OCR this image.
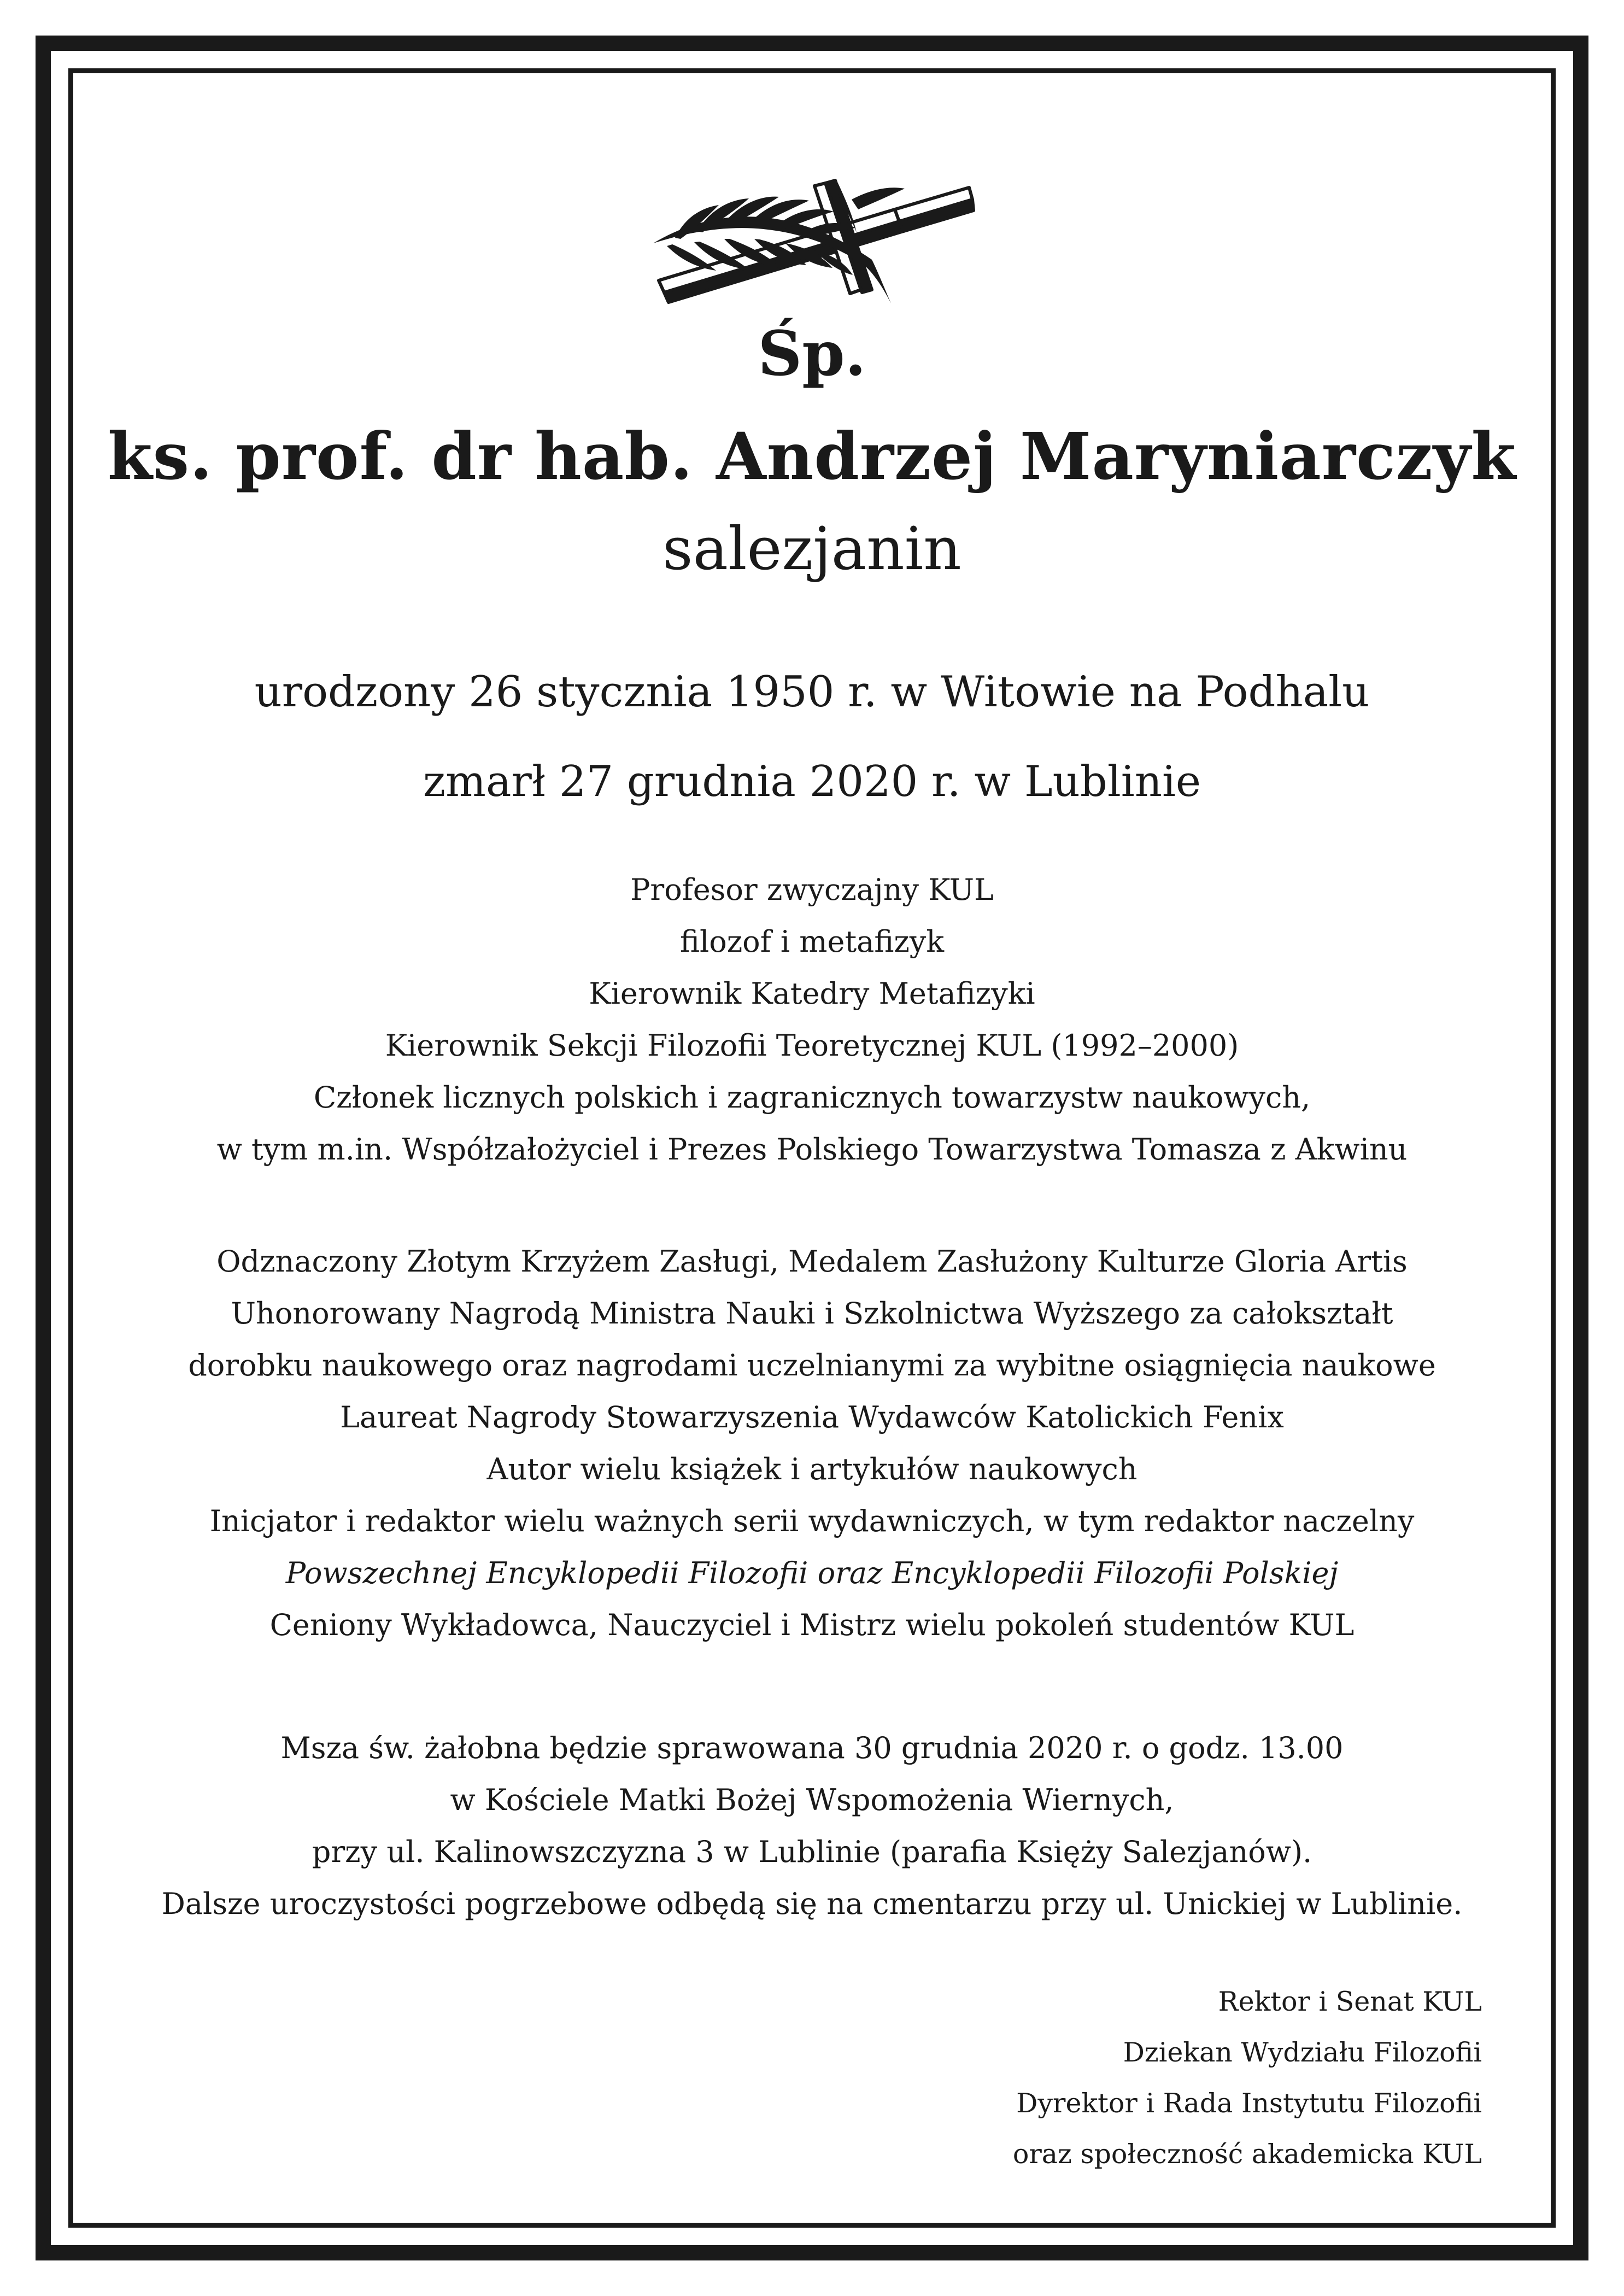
Śp.
ks. prof. dr hab. Andrzej Maryniarczyk
salezjanin
urodzony 26 stycznia 1950 r. w Witowie na Podhalu
zmarł 27 grudnia 2020 r. w Lublinie
Profesor zwyczajny KUL
filozof i metafizyk
Kierownik Katedry Metafizyki
Kierownik Sekcji Filozofii Teoretycznej KUL (1992–2000)
Członek licznych polskich i zagranicznych towarzystw naukowych,
w tym m.in. Współzałożyciel i Prezes Polskiego Towarzystwa Tomasza z Akwinu
Odznaczony Złotym Krzyżem Zasługi, Medalem Zasłużony Kulturze Gloria Artis
Uhonorowany Nagrodą Ministra Nauki i Szkolnictwa Wyższego za całokształt
dorobku naukowego oraz nagrodami uczelnianymi za wybitne osiągnięcia naukowe
Laureat Nagrody Stowarzyszenia Wydawców Katolickich Fenix
Autor wielu książek i artykułów naukowych
Inicjator i redaktor wielu ważnych serii wydawniczych, w tym redaktor naczelny
Powszechnej Encyklopedii Filozofii oraz Encyklopedii Filozofii Polskiej
Ceniony Wykładowca, Nauczyciel i Mistrz wielu pokoleń studentów KUL
Msza św. żałobna będzie sprawowana 30 grudnia 2020 r. o godz. 13.00
w Kościele Matki Bożej Wspomożenia Wiernych,
przy ul. Kalinowszczyzna 3 w Lublinie (parafia Księży Salezjanów).
Dalsze uroczystości pogrzebowe odbędą się na cmentarzu przy ul. Unickiej w Lublinie.
Rektor i Senat KUL
Dziekan Wydziału Filozofii
Dyrektor i Rada Instytutu Filozofii
oraz społeczność akademicka KUL
